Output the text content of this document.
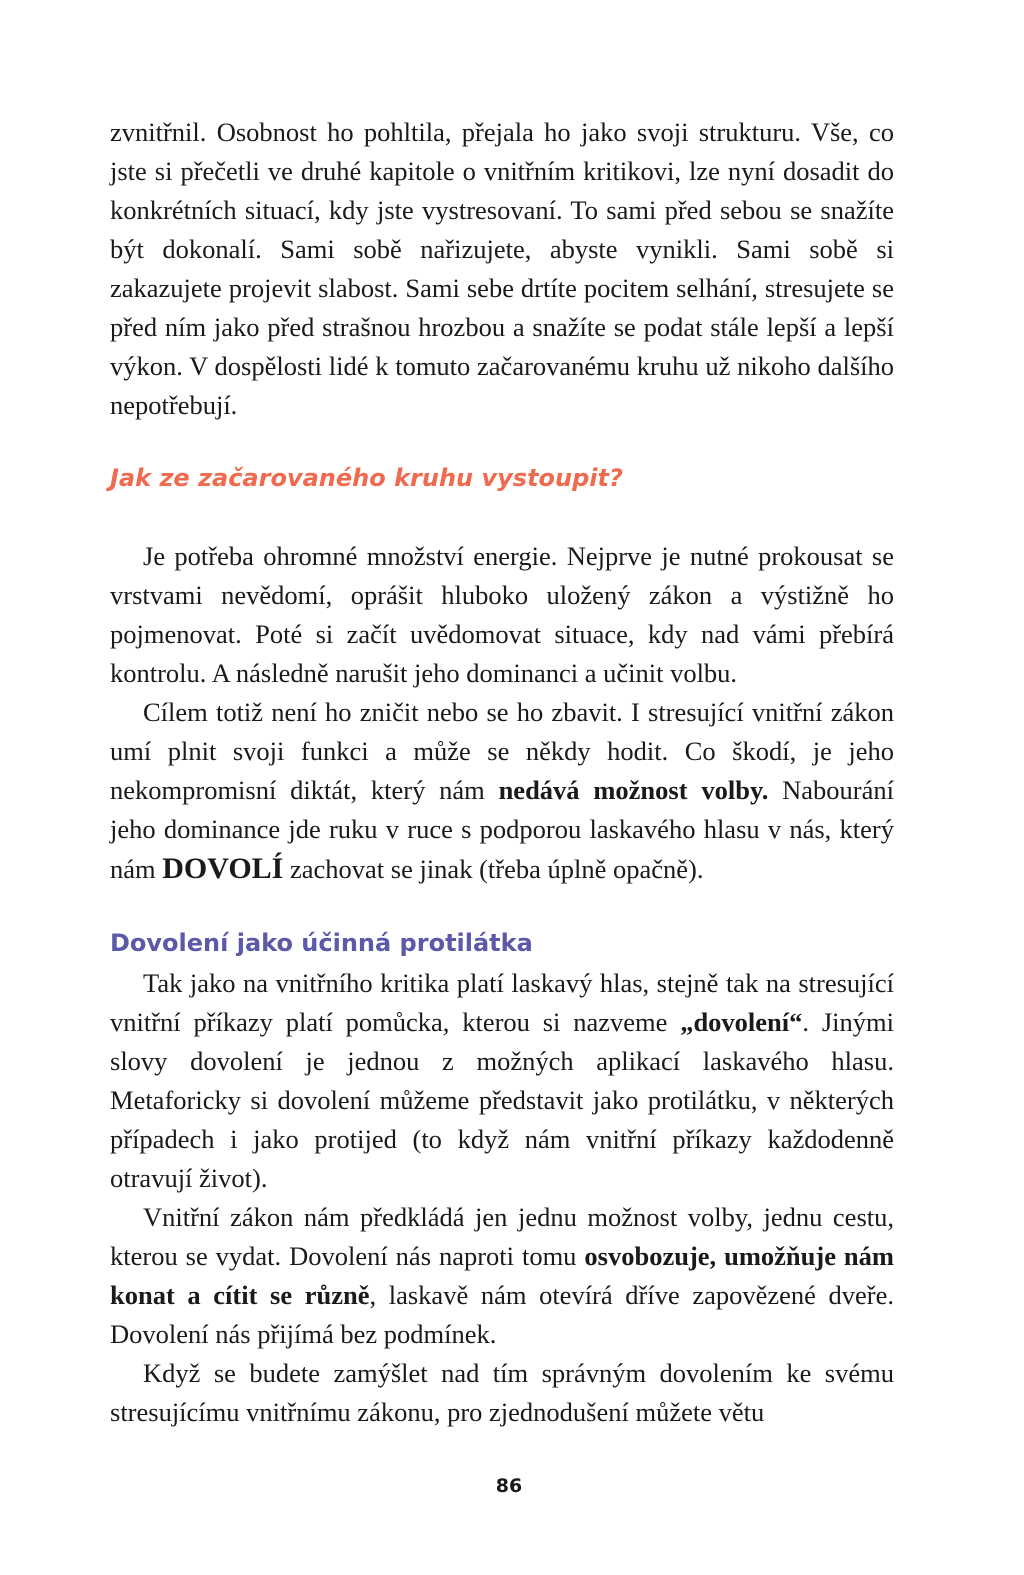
zvnitřnil. Osobnost ho pohltila, přejala ho jako svoji strukturu. Vše, co jste si přečetli ve druhé kapitole o vnitřním kritikovi, lze nyní dosadit do konkrétních situací, kdy jste vystresovaní. To sami před sebou se snažíte být dokonalí. Sami sobě nařizujete, abyste vynikli. Sami sobě si zakazujete projevit slabost. Sami sebe drtíte pocitem selhání, stresujete se před ním jako před strašnou hrozbou a snažíte se podat stále lepší a lepší výkon. V dospělosti lidé k tomuto začarovanému kruhu už nikoho dalšího nepotřebují.

Jak ze začarovaného kruhu vystoupit?

Je potřeba ohromné množství energie. Nejprve je nutné prokousat se vrstvami nevědomí, oprášit hluboko uložený zákon a výstižně ho pojmenovat. Poté si začít uvědomovat situace, kdy nad vámi přebírá kontrolu. A následně narušit jeho dominanci a učinit volbu.

Cílem totiž není ho zničit nebo se ho zbavit. I stresující vnitřní zákon umí plnit svoji funkci a může se někdy hodit. Co škodí, je jeho nekompromisní diktát, který nám nedává možnost volby. Nabourání jeho dominance jde ruku v ruce s podporou laskavého hlasu v nás, který nám DOVOLÍ zachovat se jinak (třeba úplně opačně).

Dovolení jako účinná protilátka

Tak jako na vnitřního kritika platí laskavý hlas, stejně tak na stresující vnitřní příkazy platí pomůcka, kterou si nazveme „dovolení“. Jinými slovy dovolení je jednou z možných aplikací laskavého hlasu. Metaforicky si dovolení můžeme představit jako protilátku, v některých případech i jako protijed (to když nám vnitřní příkazy každodenně otravují život).

Vnitřní zákon nám předkládá jen jednu možnost volby, jednu cestu, kterou se vydat. Dovolení nás naproti tomu osvobozuje, umožňuje nám konat a cítit se různě, laskavě nám otevírá dříve zapovězené dveře. Dovolení nás přijímá bez podmínek.

Když se budete zamýšlet nad tím správným dovolením ke svému stresujícímu vnitřnímu zákonu, pro zjednodušení můžete větu

86
